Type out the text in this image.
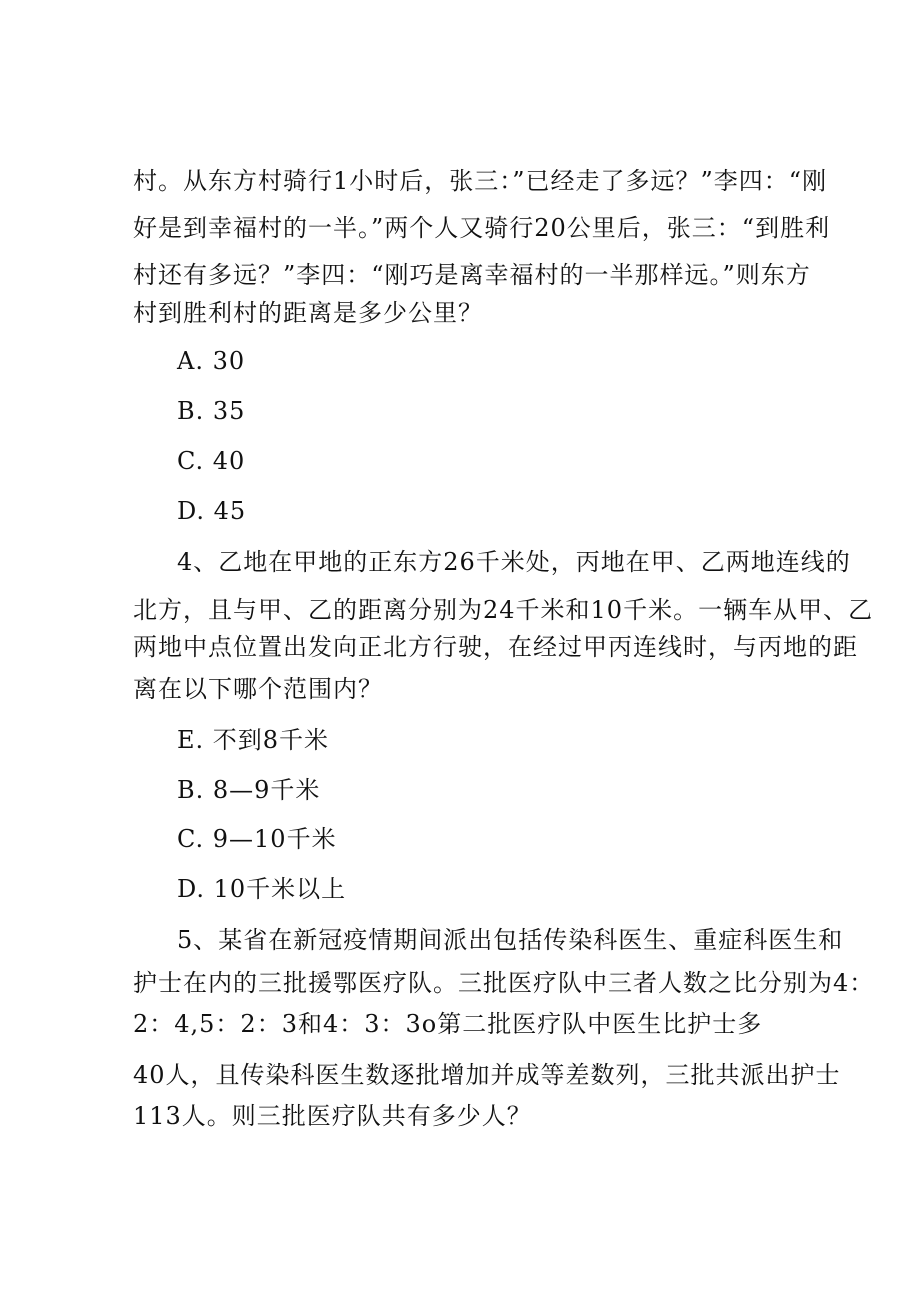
村。从东方村骑行1小时后，张三：”已经走了多远？”李四：“刚
好是到幸福村的一半。”两个人又骑行20公里后，张三：“到胜利
村还有多远？”李四：“刚巧是离幸福村的一半那样远。”则东方
村到胜利村的距离是多少公里？
A. 30
B. 35
C. 40
D. 45
4、乙地在甲地的正东方26千米处，丙地在甲、乙两地连线的
北方，且与甲、乙的距离分别为24千米和10千米。一辆车从甲、乙
两地中点位置出发向正北方行驶，在经过甲丙连线时，与丙地的距
离在以下哪个范围内？
E. 不到8千米
B. 8—9千米
C. 9—10千米
D. 10千米以上
5、某省在新冠疫情期间派出包括传染科医生、重症科医生和
护士在内的三批援鄂医疗队。三批医疗队中三者人数之比分别为4：
2：4,5：2：3和4：3：3o第二批医疗队中医生比护士多
40人，且传染科医生数逐批增加并成等差数列，三批共派出护士
113人。则三批医疗队共有多少人？
